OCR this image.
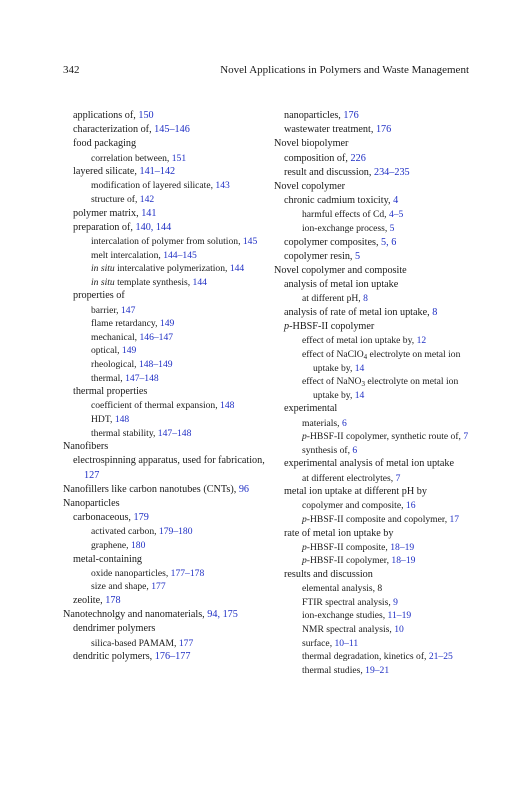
342	Novel Applications in Polymers and Waste Management
applications of, 150
characterization of, 145–146
food packaging
correlation between, 151
layered silicate, 141–142
modification of layered silicate, 143
structure of, 142
polymer matrix, 141
preparation of, 140, 144
intercalation of polymer from solution, 145
melt intercalation, 144–145
in situ intercalative polymerization, 144
in situ template synthesis, 144
properties of
barrier, 147
flame retardancy, 149
mechanical, 146–147
optical, 149
rheological, 148–149
thermal, 147–148
thermal properties
coefficient of thermal expansion, 148
HDT, 148
thermal stability, 147–148
Nanofibers
electrospinning apparatus, used for fabrication, 127
Nanofillers like carbon nanotubes (CNTs), 96
Nanoparticles
carbonaceous, 179
activated carbon, 179–180
graphene, 180
metal-containing
oxide nanoparticles, 177–178
size and shape, 177
zeolite, 178
Nanotechnolgy and nanomaterials, 94, 175
dendrimer polymers
silica-based PAMAM, 177
dendritic polymers, 176–177
nanoparticles, 176
wastewater treatment, 176
Novel biopolymer
composition of, 226
result and discussion, 234–235
Novel copolymer
chronic cadmium toxicity, 4
harmful effects of Cd, 4–5
ion-exchange process, 5
copolymer composites, 5, 6
copolymer resin, 5
Novel copolymer and composite
analysis of metal ion uptake
at different pH, 8
analysis of rate of metal ion uptake, 8
p-HBSF-II copolymer
effect of metal ion uptake by, 12
effect of NaClO$_4$ electrolyte on metal ion uptake by, 14
effect of NaNO$_3$ electrolyte on metal ion uptake by, 14
experimental
materials, 6
p-HBSF-II copolymer, synthetic route of, 7
synthesis of, 6
experimental analysis of metal ion uptake
at different electrolytes, 7
metal ion uptake at different pH by
copolymer and composite, 16
p-HBSF-II composite and copolymer, 17
rate of metal ion uptake by
p-HBSF-II composite, 18–19
p-HBSF-II copolymer, 18–19
results and discussion
elemental analysis, 8
FTIR spectral analysis, 9
ion-exchange studies, 11–19
NMR spectral analysis, 10
surface, 10–11
thermal degradation, kinetics of, 21–25
thermal studies, 19–21
